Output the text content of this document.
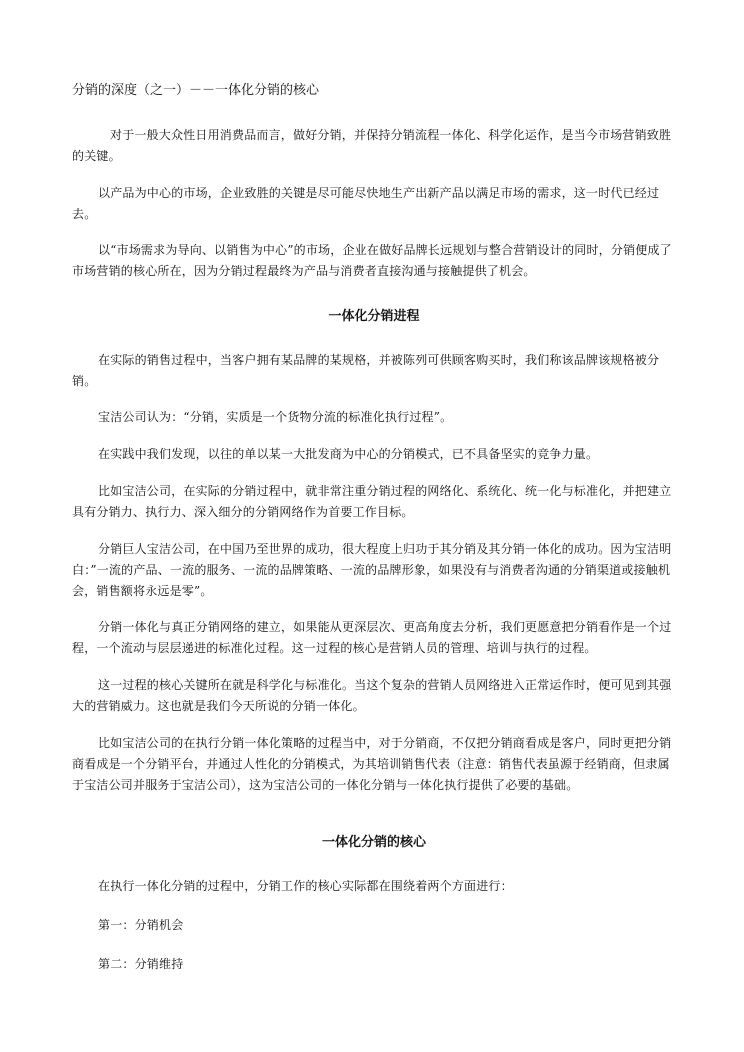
分销的深度（之一）－－一体化分销的核心

对于一般大众性日用消费品而言，做好分销，并保持分销流程一体化、科学化运作，是当今市场营销致胜的关键。

以产品为中心的市场，企业致胜的关键是尽可能尽快地生产出新产品以满足市场的需求，这一时代已经过去。

以“市场需求为导向、以销售为中心”的市场，企业在做好品牌长远规划与整合营销设计的同时，分销便成了市场营销的核心所在，因为分销过程最终为产品与消费者直接沟通与接触提供了机会。

一体化分销进程

在实际的销售过程中，当客户拥有某品牌的某规格，并被陈列可供顾客购买时，我们称该品牌该规格被分销。

宝洁公司认为：“分销，实质是一个货物分流的标准化执行过程”。

在实践中我们发现，以往的单以某一大批发商为中心的分销模式，已不具备坚实的竞争力量。

比如宝洁公司，在实际的分销过程中，就非常注重分销过程的网络化、系统化、统一化与标准化，并把建立具有分销力、执行力、深入细分的分销网络作为首要工作目标。

分销巨人宝洁公司，在中国乃至世界的成功，很大程度上归功于其分销及其分销一体化的成功。因为宝洁明白：”一流的产品、一流的服务、一流的品牌策略、一流的品牌形象，如果没有与消费者沟通的分销渠道或接触机会，销售额将永远是零”。

分销一体化与真正分销网络的建立，如果能从更深层次、更高角度去分析，我们更愿意把分销看作是一个过程，一个流动与层层递进的标准化过程。这一过程的核心是营销人员的管理、培训与执行的过程。

这一过程的核心关键所在就是科学化与标准化。当这个复杂的营销人员网络进入正常运作时，便可见到其强大的营销威力。这也就是我们今天所说的分销一体化。

比如宝洁公司的在执行分销一体化策略的过程当中，对于分销商，不仅把分销商看成是客户，同时更把分销商看成是一个分销平台，并通过人性化的分销模式，为其培训销售代表（注意：销售代表虽源于经销商，但隶属于宝洁公司并服务于宝洁公司），这为宝洁公司的一体化分销与一体化执行提供了必要的基础。

一体化分销的核心

在执行一体化分销的过程中，分销工作的核心实际都在围绕着两个方面进行：

第一：分销机会

第二：分销维持
